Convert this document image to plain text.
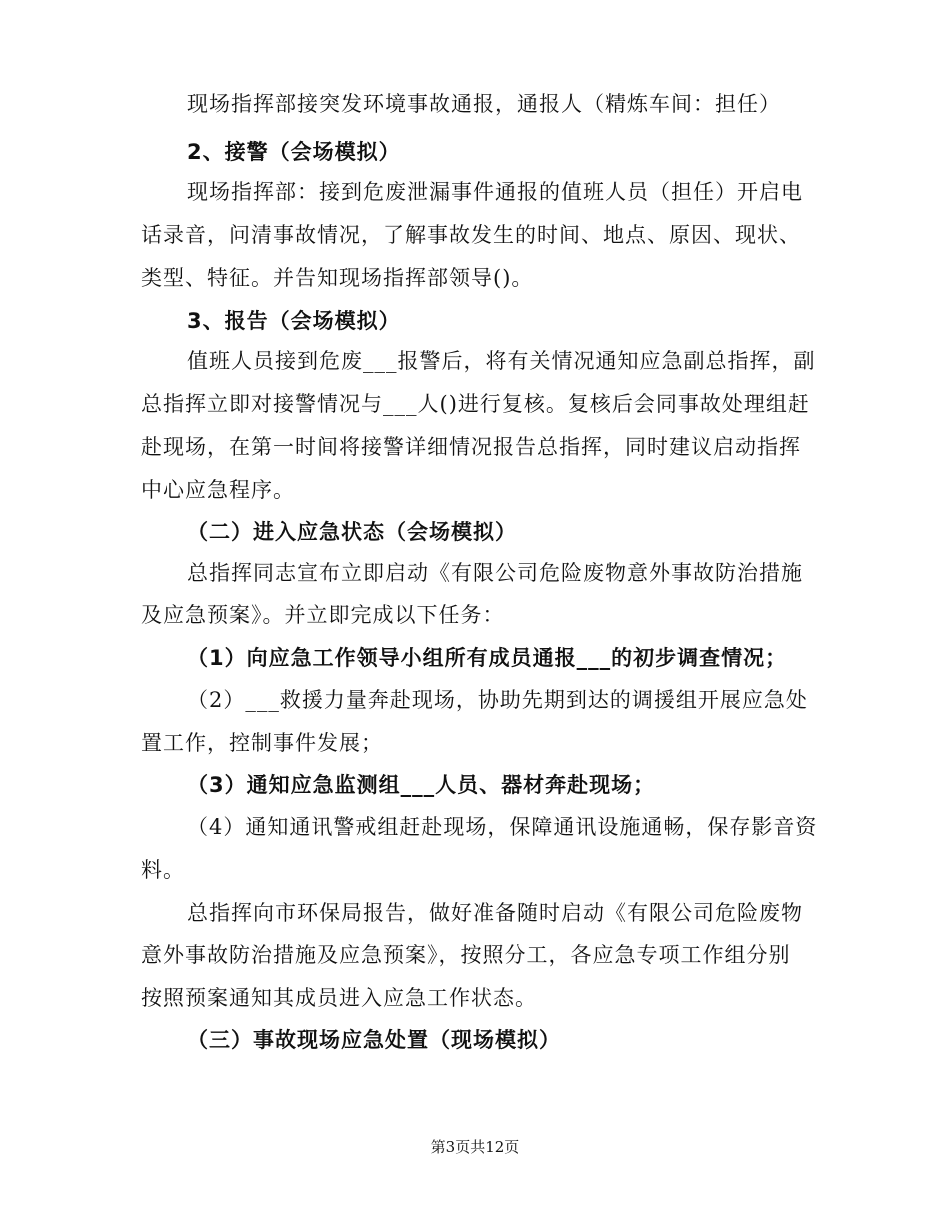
现场指挥部接突发环境事故通报，通报人（精炼车间：担任）
2、接警（会场模拟）
现场指挥部：接到危废泄漏事件通报的值班人员（担任）开启电
话录音，问清事故情况，了解事故发生的时间、地点、原因、现状、
类型、特征。并告知现场指挥部领导()。
3、报告（会场模拟）
值班人员接到危废___报警后，将有关情况通知应急副总指挥，副
总指挥立即对接警情况与___人()进行复核。复核后会同事故处理组赶
赴现场，在第一时间将接警详细情况报告总指挥，同时建议启动指挥
中心应急程序。
（二）进入应急状态（会场模拟）
总指挥同志宣布立即启动《有限公司危险废物意外事故防治措施
及应急预案》。并立即完成以下任务：
（1）向应急工作领导小组所有成员通报___的初步调查情况；
（2）___救援力量奔赴现场，协助先期到达的调援组开展应急处
置工作，控制事件发展；
（3）通知应急监测组___人员、器材奔赴现场；
（4）通知通讯警戒组赶赴现场，保障通讯设施通畅，保存影音资
料。
总指挥向市环保局报告，做好准备随时启动《有限公司危险废物
意外事故防治措施及应急预案》，按照分工，各应急专项工作组分别
按照预案通知其成员进入应急工作状态。
（三）事故现场应急处置（现场模拟）
第3页共12页
